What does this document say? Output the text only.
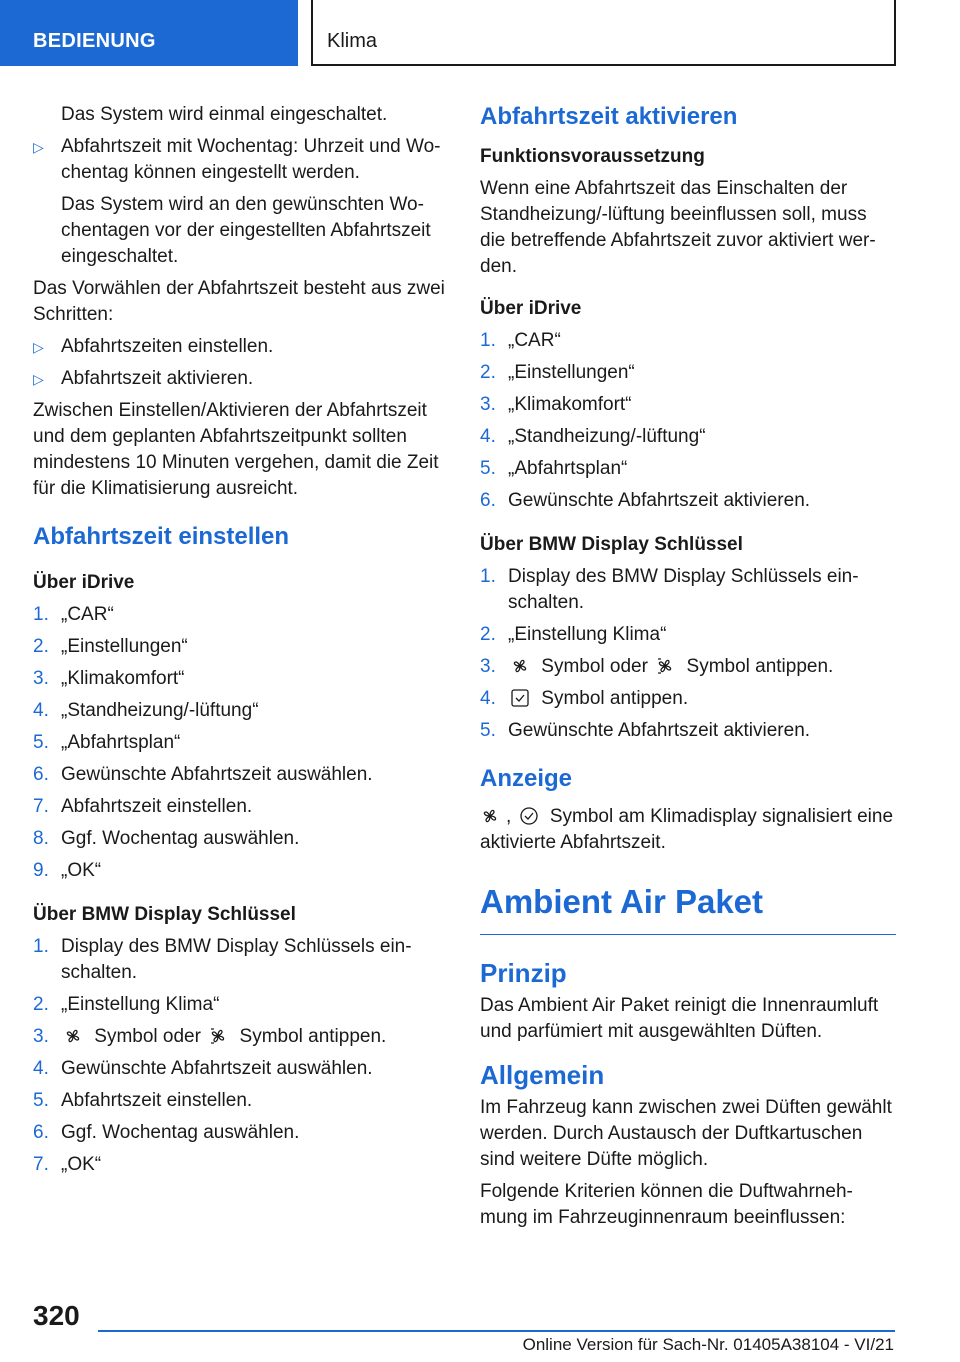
BEDIENUNG	Klima

Das System wird einmal eingeschaltet.

▷ Abfahrtszeit mit Wochentag: Uhrzeit und Wo-chentag können eingestellt werden.

Das System wird an den gewünschten Wo-chentagen vor der eingestellten Abfahrtszeit eingeschaltet.

Das Vorwählen der Abfahrtszeit besteht aus zwei Schritten:

▷ Abfahrtszeiten einstellen.
▷ Abfahrtszeit aktivieren.

Zwischen Einstellen/Aktivieren der Abfahrtszeit und dem geplanten Abfahrtszeitpunkt sollten mindestens 10 Minuten vergehen, damit die Zeit für die Klimatisierung ausreicht.

Abfahrtszeit einstellen
Über iDrive
1. „CAR“
2. „Einstellungen“
3. „Klimakomfort“
4. „Standheizung/-lüftung“
5. „Abfahrtsplan“
6. Gewünschte Abfahrtszeit auswählen.
7. Abfahrtszeit einstellen.
8. Ggf. Wochentag auswählen.
9. „OK“
Über BMW Display Schlüssel
1. Display des BMW Display Schlüssels ein-schalten.
2. „Einstellung Klima“
3. Symbol oder Symbol antippen.
4. Gewünschte Abfahrtszeit auswählen.
5. Abfahrtszeit einstellen.
6. Ggf. Wochentag auswählen.
7. „OK“
Abfahrtszeit aktivieren
Funktionsvoraussetzung

Wenn eine Abfahrtszeit das Einschalten der Standheizung/-lüftung beeinflussen soll, muss die betreffende Abfahrtszeit zuvor aktiviert wer-den.

Über iDrive
1. „CAR“
2. „Einstellungen“
3. „Klimakomfort“
4. „Standheizung/-lüftung“
5. „Abfahrtsplan“
6. Gewünschte Abfahrtszeit aktivieren.
Über BMW Display Schlüssel
1. Display des BMW Display Schlüssels ein-schalten.
2. „Einstellung Klima“
3. Symbol oder Symbol antippen.
4. Symbol antippen.
5. Gewünschte Abfahrtszeit aktivieren.
Anzeige

, Symbol am Klimadisplay signalisiert eine aktivierte Abfahrtszeit.

Ambient Air Paket
Prinzip

Das Ambient Air Paket reinigt die Innenraumluft und parfümiert mit ausgewählten Düften.

Allgemein

Im Fahrzeug kann zwischen zwei Düften gewählt werden. Durch Austausch der Duftkartuschen sind weitere Düfte möglich.

Folgende Kriterien können die Duftwahrneh-mung im Fahrzeuginnenraum beeinflussen:

320
Online Version für Sach-Nr. 01405A38104 - VI/21
